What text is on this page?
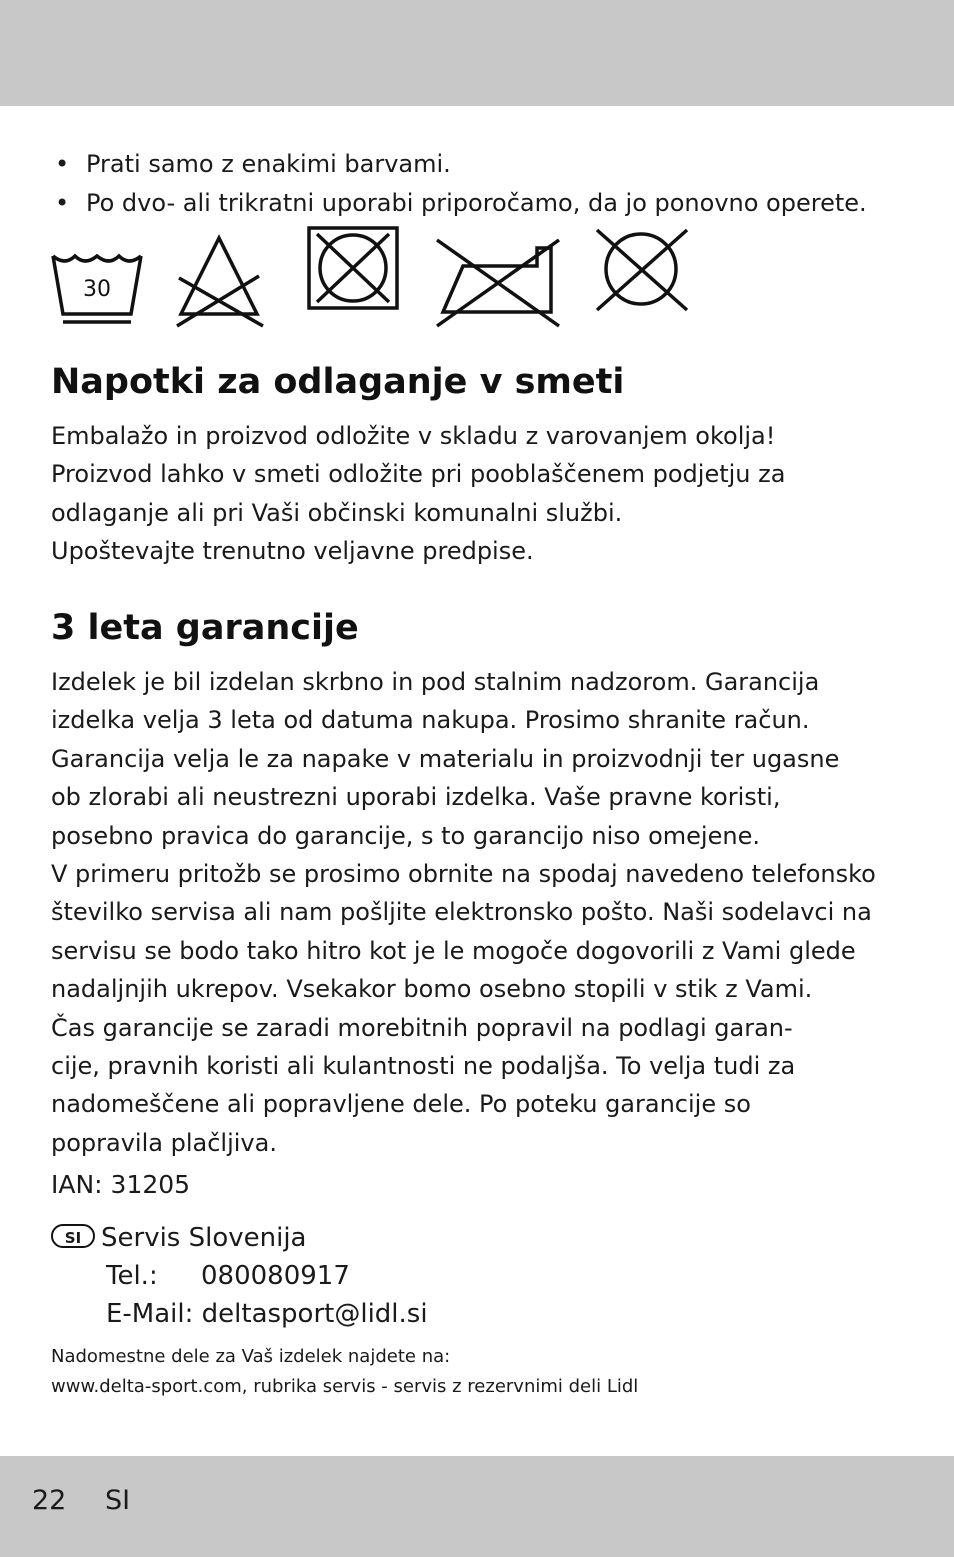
• Prati samo z enakimi barvami.
• Po dvo- ali trikratni uporabi priporočamo, da jo ponovno operete.
30
Napotki za odlaganje v smeti

Embalažo in proizvod odložite v skladu z varovanjem okolja!
Proizvod lahko v smeti odložite pri pooblaščenem podjetju za
odlaganje ali pri Vaši občinski komunalni službi.
Upoštevajte trenutno veljavne predpise.

3 leta garancije

Izdelek je bil izdelan skrbno in pod stalnim nadzorom. Garancija
izdelka velja 3 leta od datuma nakupa. Prosimo shranite račun.
Garancija velja le za napake v materialu in proizvodnji ter ugasne
ob zlorabi ali neustrezni uporabi izdelka. Vaše pravne koristi,
posebno pravica do garancije, s to garancijo niso omejene.
V primeru pritožb se prosimo obrnite na spodaj navedeno telefonsko
številko servisa ali nam pošljite elektronsko pošto. Naši sodelavci na
servisu se bodo tako hitro kot je le mogoče dogovorili z Vami glede
nadaljnjih ukrepov. Vsekakor bomo osebno stopili v stik z Vami.
Čas garancije se zaradi morebitnih popravil na podlagi garan-
cije, pravnih koristi ali kulantnosti ne podaljša. To velja tudi za
nadomeščene ali popravljene dele. Po poteku garancije so
popravila plačljiva.

IAN: 31205
SI Servis Slovenija
Tel.: 080080917
E-Mail: deltasport@lidl.si
Nadomestne dele za Vaš izdelek najdete na:
www.delta-sport.com, rubrika servis - servis z rezervnimi deli Lidl
22 SI
